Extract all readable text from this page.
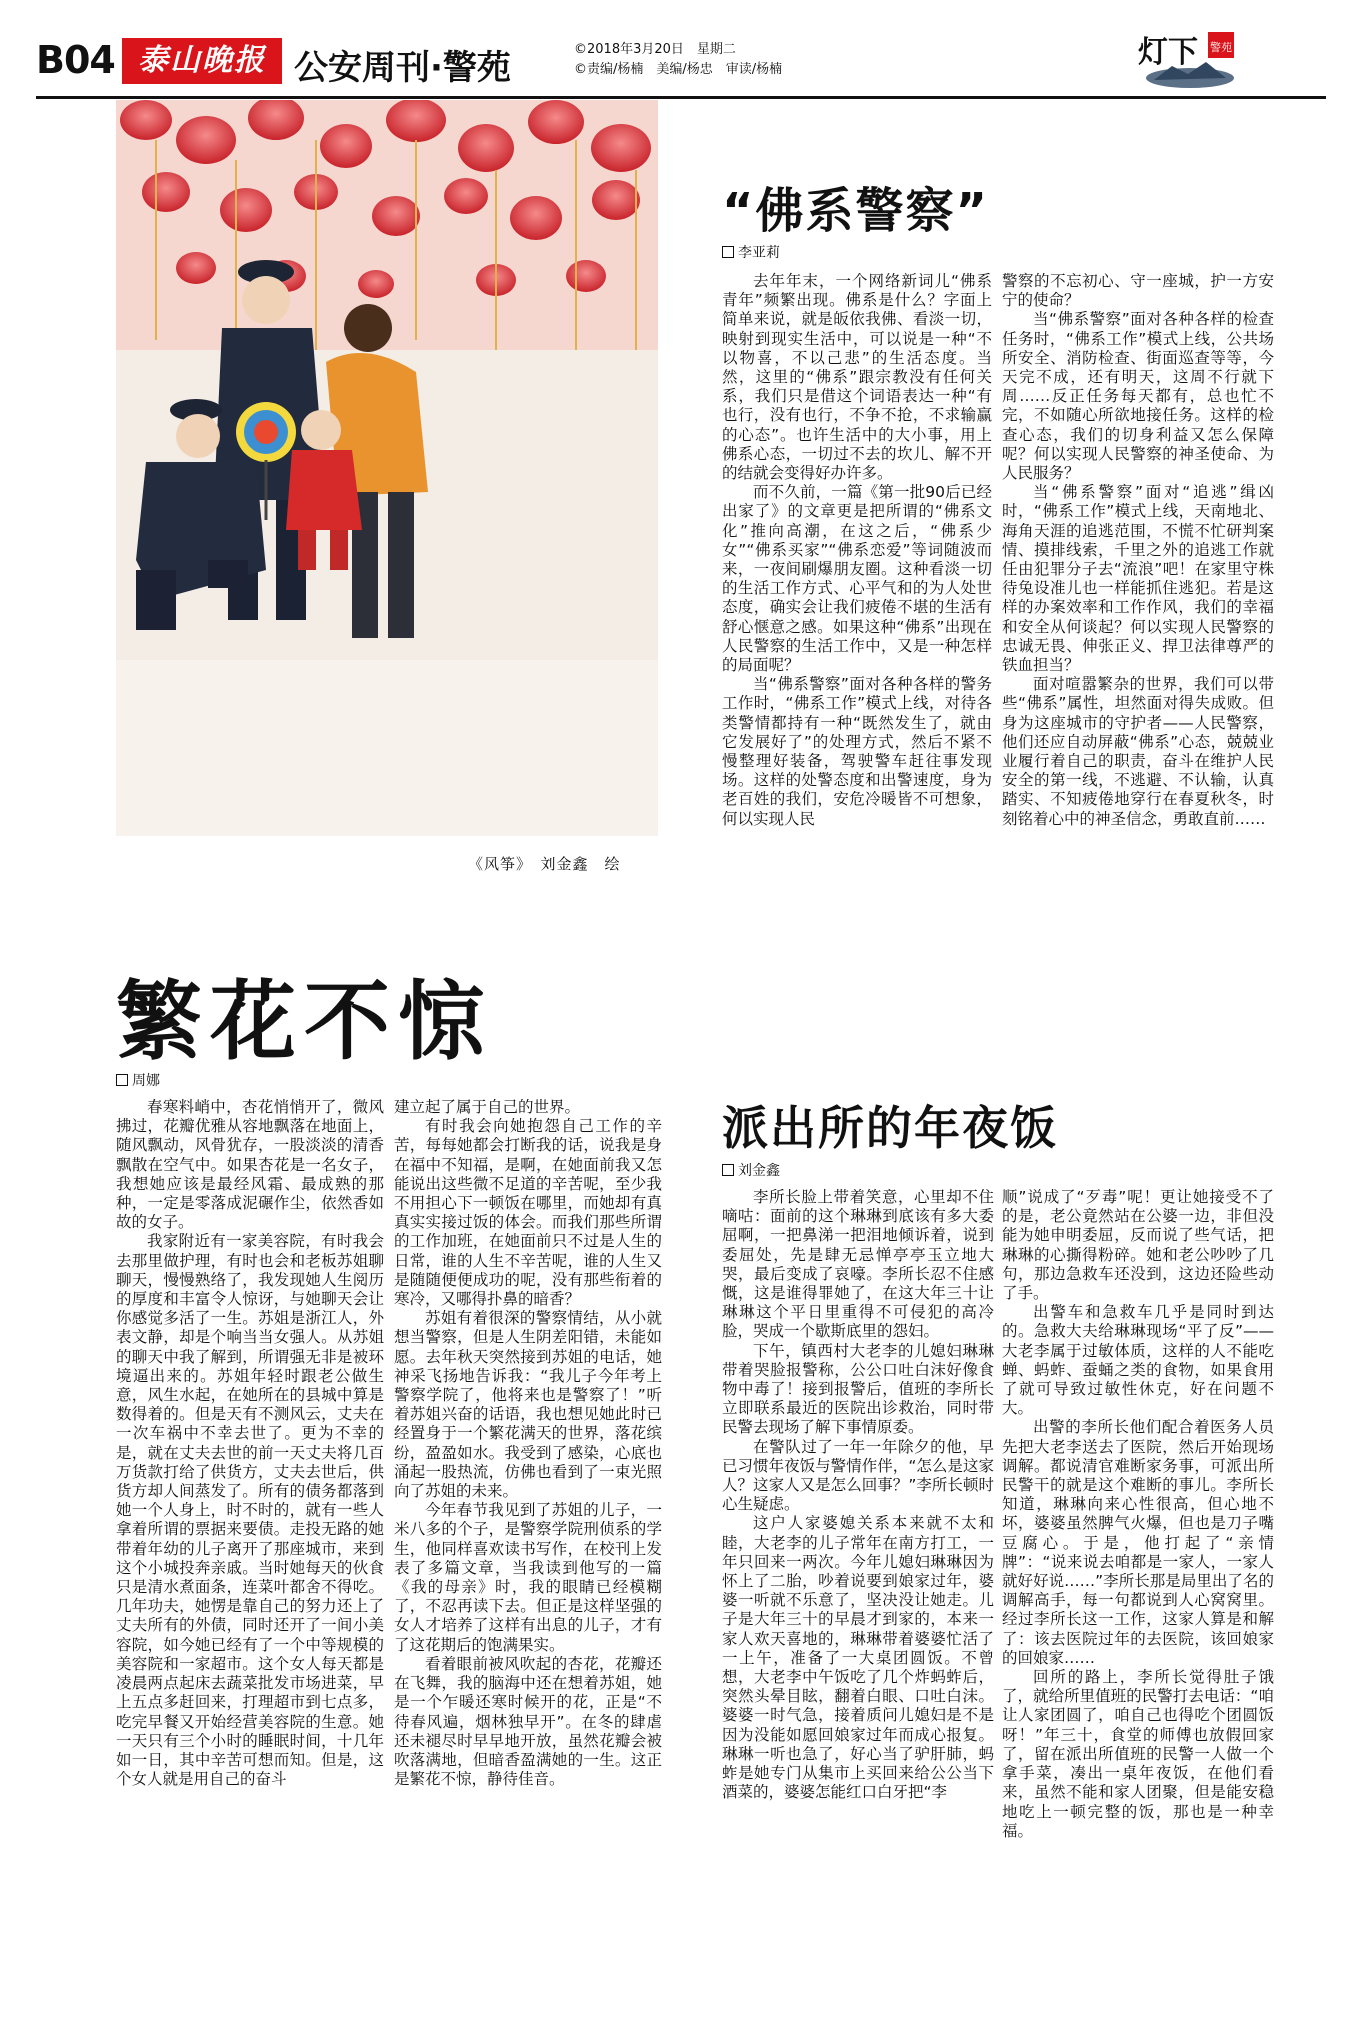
B04 泰山晚报 公安周刊·警苑	©2018年3月20日　星期二
©责编/杨楠　美编/杨忠　审读/杨楠	灯下 警苑
《风筝》　刘金鑫　绘
“佛系警察”
李亚莉

去年年末，一个网络新词儿“佛系青年”频繁出现。佛系是什么？字面上简单来说，就是皈依我佛、看淡一切，映射到现实生活中，可以说是一种“不以物喜，不以己悲”的生活态度。当然，这里的“佛系”跟宗教没有任何关系，我们只是借这个词语表达一种“有也行，没有也行，不争不抢，不求输赢的心态”。也许生活中的大小事，用上佛系心态，一切过不去的坎儿、解不开的结就会变得好办许多。

而不久前，一篇《第一批90后已经出家了》的文章更是把所谓的“佛系文化”推向高潮，在这之后，“佛系少女”“佛系买家”“佛系恋爱”等词随波而来，一夜间刷爆朋友圈。这种看淡一切的生活工作方式、心平气和的为人处世态度，确实会让我们疲倦不堪的生活有舒心惬意之感。如果这种“佛系”出现在人民警察的生活工作中，又是一种怎样的局面呢？

当“佛系警察”面对各种各样的警务工作时，“佛系工作”模式上线，对待各类警情都持有一种“既然发生了，就由它发展好了”的处理方式，然后不紧不慢整理好装备，驾驶警车赶往事发现场。这样的处警态度和出警速度，身为老百姓的我们，安危冷暖皆不可想象，何以实现人民

警察的不忘初心、守一座城，护一方安宁的使命？

当“佛系警察”面对各种各样的检查任务时，“佛系工作”模式上线，公共场所安全、消防检查、街面巡查等等，今天完不成，还有明天，这周不行就下周……反正任务每天都有，总也忙不完，不如随心所欲地接任务。这样的检查心态，我们的切身利益又怎么保障呢？何以实现人民警察的神圣使命、为人民服务？

当“佛系警察”面对“追逃”缉凶时，“佛系工作”模式上线，天南地北、海角天涯的追逃范围，不慌不忙研判案情、摸排线索，千里之外的追逃工作就任由犯罪分子去“流浪”吧！在家里守株待兔设准儿也一样能抓住逃犯。若是这样的办案效率和工作作风，我们的幸福和安全从何谈起？何以实现人民警察的忠诚无畏、伸张正义、捍卫法律尊严的铁血担当？

面对喧嚣繁杂的世界，我们可以带些“佛系”属性，坦然面对得失成败。但身为这座城市的守护者——人民警察，他们还应自动屏蔽“佛系”心态，兢兢业业履行着自己的职责，奋斗在维护人民安全的第一线，不逃避、不认输，认真踏实、不知疲倦地穿行在春夏秋冬，时刻铭着心中的神圣信念，勇敢直前……

繁花不惊
周娜

春寒料峭中，杏花悄悄开了，微风拂过，花瓣优雅从容地飘落在地面上，随风飘动，风骨犹存，一股淡淡的清香飘散在空气中。如果杏花是一名女子，我想她应该是最经风霜、最成熟的那种，一定是零落成泥碾作尘，依然香如故的女子。

我家附近有一家美容院，有时我会去那里做护理，有时也会和老板苏姐聊聊天，慢慢熟络了，我发现她人生阅历的厚度和丰富令人惊讶，与她聊天会让你感觉多活了一生。苏姐是浙江人，外表文静，却是个响当当女强人。从苏姐的聊天中我了解到，所谓强无非是被环境逼出来的。苏姐年轻时跟老公做生意，风生水起，在她所在的县城中算是数得着的。但是天有不测风云，丈夫在一次车祸中不幸去世了。更为不幸的是，就在丈夫去世的前一天丈夫将几百万货款打给了供货方，丈夫去世后，供货方却人间蒸发了。所有的债务都落到她一个人身上，时不时的，就有一些人拿着所谓的票据来要债。走投无路的她带着年幼的儿子离开了那座城市，来到这个小城投奔亲戚。当时她每天的伙食只是清水煮面条，连菜叶都舍不得吃。几年功夫，她愣是靠自己的努力还上了丈夫所有的外债，同时还开了一间小美容院，如今她已经有了一个中等规模的美容院和一家超市。这个女人每天都是凌晨两点起床去蔬菜批发市场进菜，早上五点多赶回来，打理超市到七点多，吃完早餐又开始经营美容院的生意。她一天只有三个小时的睡眠时间，十几年如一日，其中辛苦可想而知。但是，这个女人就是用自己的奋斗

建立起了属于自己的世界。

有时我会向她抱怨自己工作的辛苦，每每她都会打断我的话，说我是身在福中不知福，是啊，在她面前我又怎能说出这些微不足道的辛苦呢，至少我不用担心下一顿饭在哪里，而她却有真真实实接过饭的体会。而我们那些所谓的工作加班，在她面前只不过是人生的日常，谁的人生不辛苦呢，谁的人生又是随随便便成功的呢，没有那些衔着的寒冷，又哪得扑鼻的暗香？

苏姐有着很深的警察情结，从小就想当警察，但是人生阴差阳错，未能如愿。去年秋天突然接到苏姐的电话，她神采飞扬地告诉我：“我儿子今年考上警察学院了，他将来也是警察了！”听着苏姐兴奋的话语，我也想见她此时已经置身于一个繁花满天的世界，落花缤纷，盈盈如水。我受到了感染，心底也涌起一股热流，仿佛也看到了一束光照向了苏姐的未来。

今年春节我见到了苏姐的儿子，一米八多的个子，是警察学院刑侦系的学生，他同样喜欢读书写作，在校刊上发表了多篇文章，当我读到他写的一篇《我的母亲》时，我的眼睛已经模糊了，不忍再读下去。但正是这样坚强的女人才培养了这样有出息的儿子，才有了这花期后的饱满果实。

看着眼前被风吹起的杏花，花瓣还在飞舞，我的脑海中还在想着苏姐，她是一个乍暖还寒时候开的花，正是“不待春风遍，烟林独早开”。在冬的肆虐还未褪尽时早早地开放，虽然花瓣会被吹落满地，但暗香盈满她的一生。这正是繁花不惊，静待佳音。

派出所的年夜饭
刘金鑫

李所长脸上带着笑意，心里却不住嘀咕：面前的这个琳琳到底该有多大委屈啊，一把鼻涕一把泪地倾诉着，说到委屈处，先是肆无忌惮亭亭玉立地大哭，最后变成了哀嚎。李所长忍不住感慨，这是谁得罪她了，在这大年三十让琳琳这个平日里重得不可侵犯的高冷脸，哭成一个歇斯底里的怨妇。

下午，镇西村大老李的儿媳妇琳琳带着哭脸报警称，公公口吐白沫好像食物中毒了！接到报警后，值班的李所长立即联系最近的医院出诊救治，同时带民警去现场了解下事情原委。

在警队过了一年一年除夕的他，早已习惯年夜饭与警情作伴，“怎么是这家人？这家人又是怎么回事？”李所长顿时心生疑虑。

这户人家婆媳关系本来就不太和睦，大老李的儿子常年在南方打工，一年只回来一两次。今年儿媳妇琳琳因为怀上了二胎，吵着说要到娘家过年，婆婆一听就不乐意了，坚决没让她走。儿子是大年三十的早晨才到家的，本来一家人欢天喜地的，琳琳带着婆婆忙活了一上午，准备了一大桌团圆饭。不曾想，大老李中午饭吃了几个炸蚂蚱后，突然头晕目眩，翻着白眼、口吐白沫。婆婆一时气急，接着质问儿媳妇是不是因为没能如愿回娘家过年而成心报复。琳琳一听也急了，好心当了驴肝肺，蚂蚱是她专门从集市上买回来给公公当下酒菜的，婆婆怎能红口白牙把“李

顺”说成了“歹毒”呢！更让她接受不了的是，老公竟然站在公婆一边，非但没能为她申明委屈，反而说了些气话，把琳琳的心撕得粉碎。她和老公吵吵了几句，那边急救车还没到，这边还险些动了手。

出警车和急救车几乎是同时到达的。急救大夫给琳琳现场“平了反”——大老李属于过敏体质，这样的人不能吃蝉、蚂蚱、蚕蛹之类的食物，如果食用了就可导致过敏性休克，好在问题不大。

出警的李所长他们配合着医务人员先把大老李送去了医院，然后开始现场调解。都说清官难断家务事，可派出所民警干的就是这个难断的事儿。李所长知道，琳琳向来心性很高，但心地不坏，婆婆虽然脾气火爆，但也是刀子嘴豆腐心。于是，他打起了“亲情牌”：“说来说去咱都是一家人，一家人就好好说……”李所长那是局里出了名的调解高手，每一句都说到人心窝窝里。经过李所长这一工作，这家人算是和解了：该去医院过年的去医院，该回娘家的回娘家……

回所的路上，李所长觉得肚子饿了，就给所里值班的民警打去电话：“咱让人家团圆了，咱自己也得吃个团圆饭呀！”年三十，食堂的师傅也放假回家了，留在派出所值班的民警一人做一个拿手菜，凑出一桌年夜饭，在他们看来，虽然不能和家人团聚，但是能安稳地吃上一顿完整的饭，那也是一种幸福。
